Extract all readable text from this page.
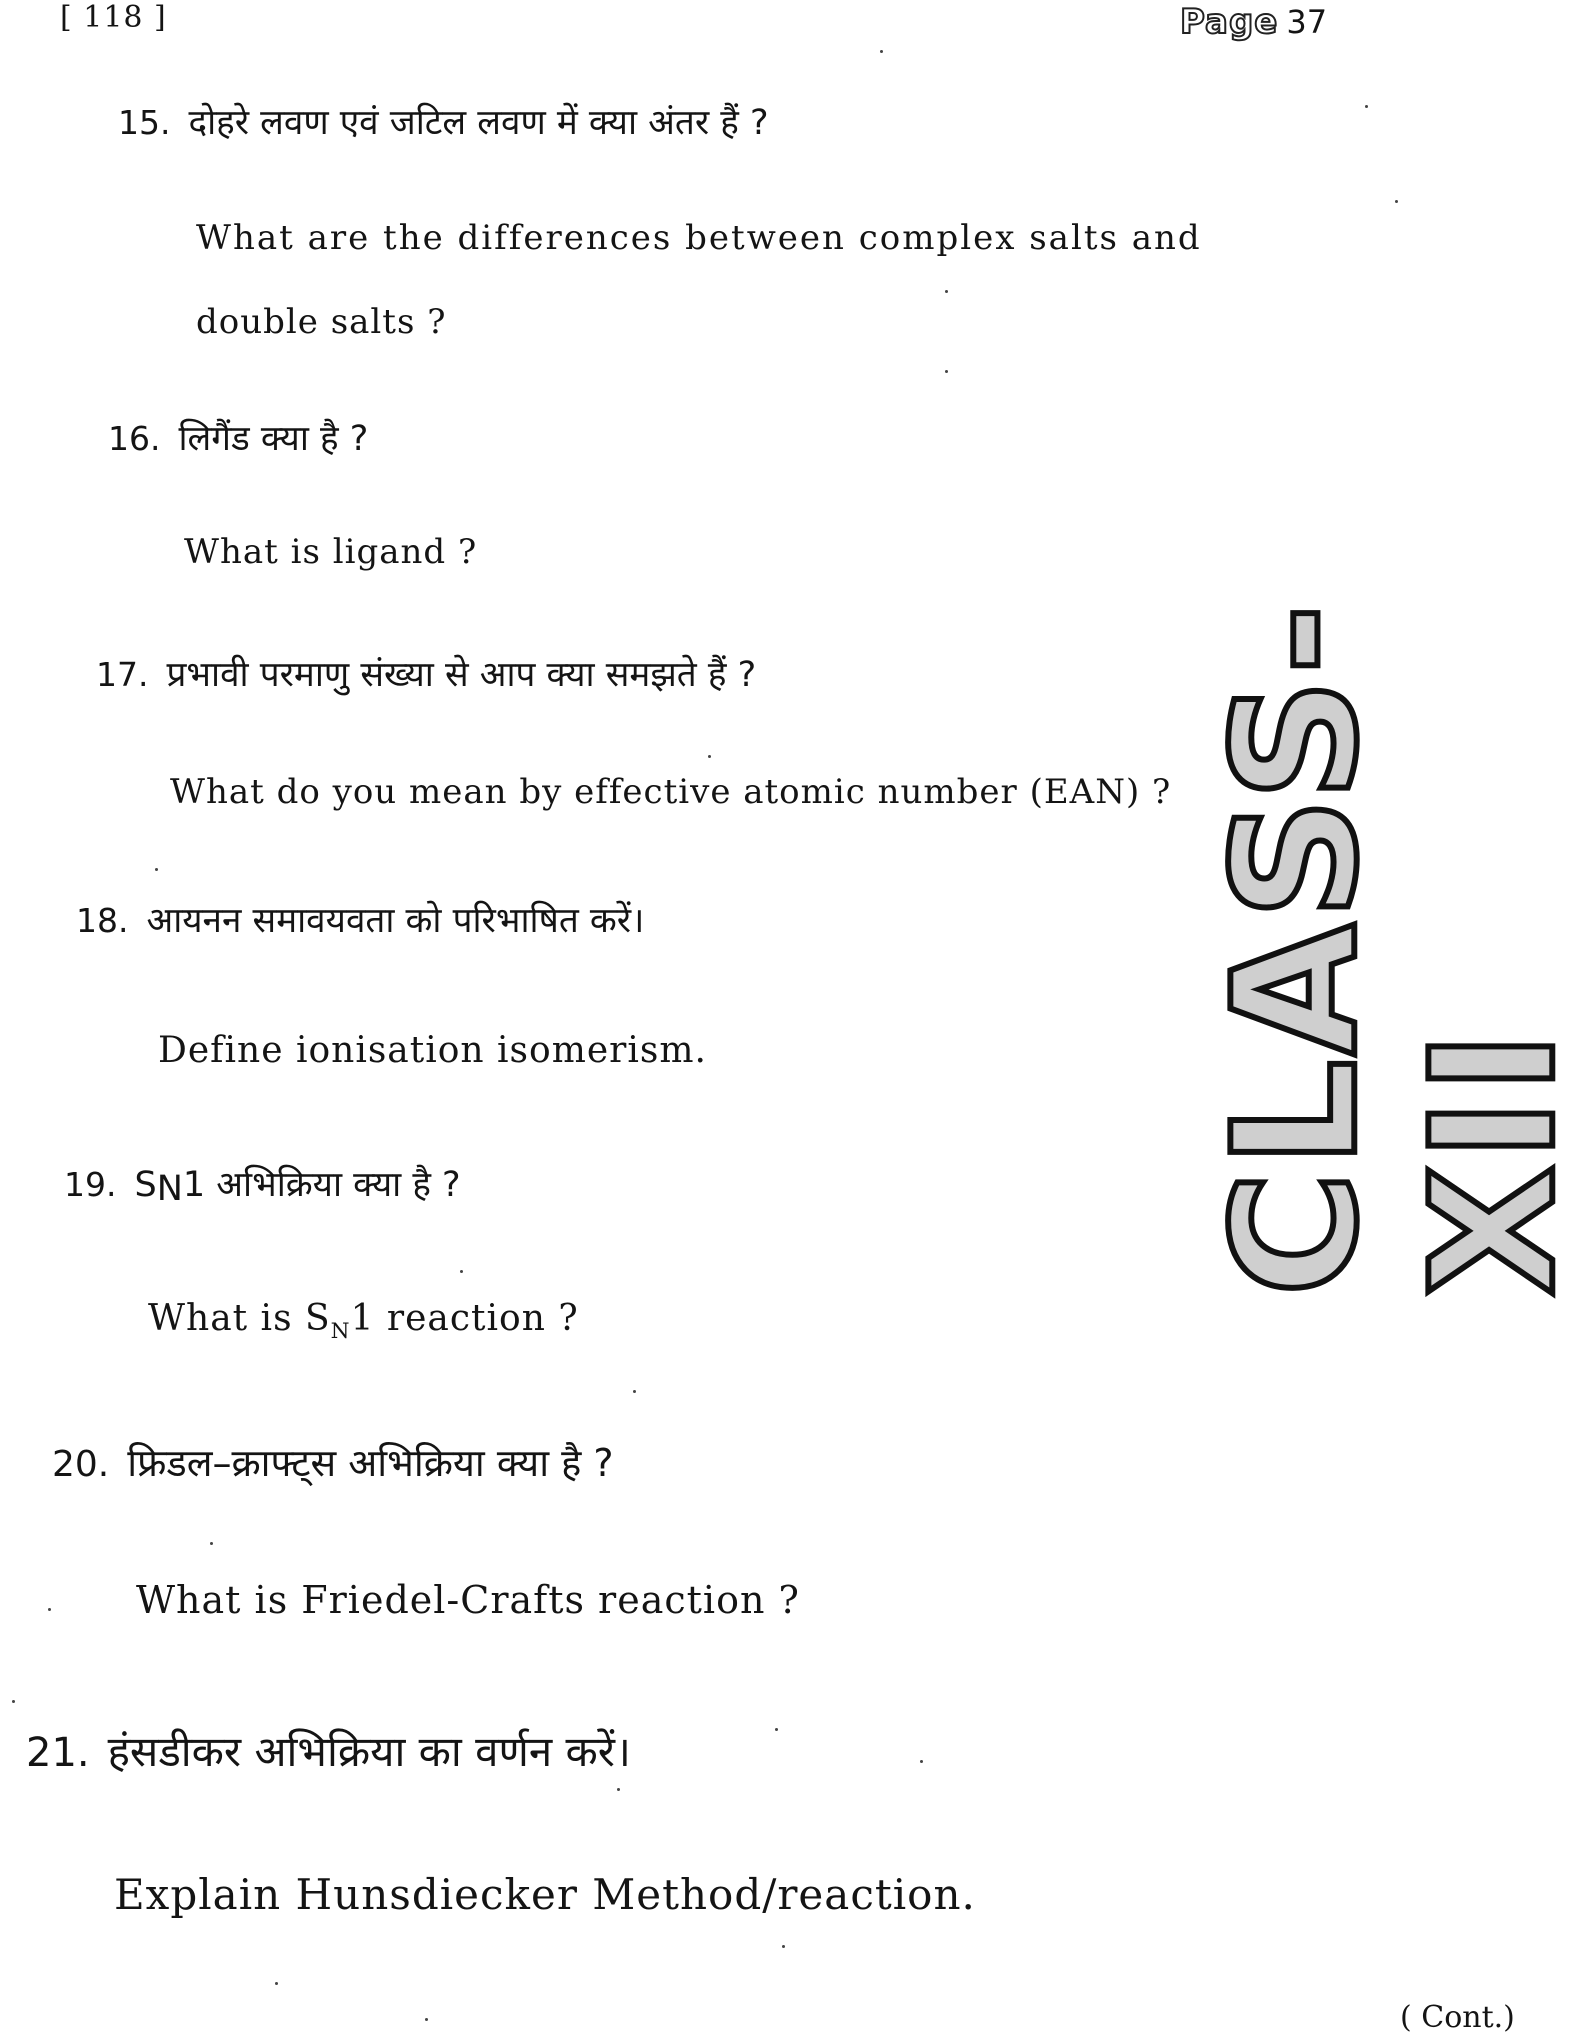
[ 118 ]	Page 37
15. दोहरे लवण एवं जटिल लवण में क्या अंतर हैं ?
What are the differences between complex salts and
double salts ?
16. लिगैंड क्या है ?
What is ligand ?
17. प्रभावी परमाणु संख्या से आप क्या समझते हैं ?
What do you mean by effective atomic number (EAN) ?
18. आयनन समावयवता को परिभाषित करें।
Define ionisation isomerism.
19. $S_N1$ अभिक्रिया क्या है ?
What is $S_N1$ reaction ?
20. फ्रिडल–क्राफ्ट्स अभिक्रिया क्या है ?
What is Friedel-Crafts reaction ?
21. हंसडीकर अभिक्रिया का वर्णन करें।
Explain Hunsdiecker Method/reaction.
CLASS-XII
( Cont.)
